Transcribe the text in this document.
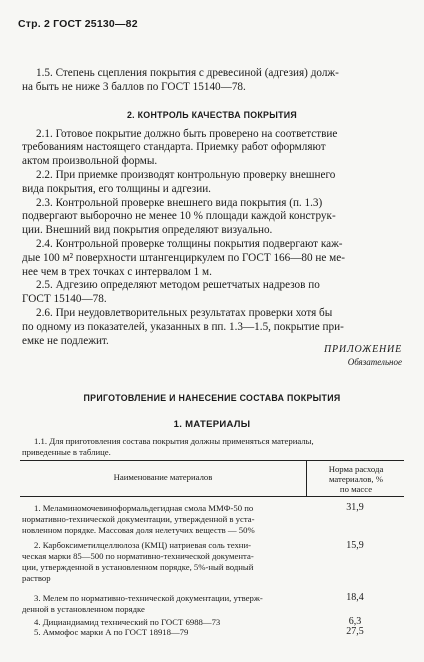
Стр. 2 ГОСТ 25130—82
1.5. Степень сцепления покрытия с древесиной (адгезия) долж-
на быть не ниже 3 баллов по ГОСТ 15140—78.
2. КОНТРОЛЬ КАЧЕСТВА ПОКРЫТИЯ
2.1. Готовое покрытие должно быть проверено на соответствие
требованиям настоящего стандарта. Приемку работ оформляют
актом произвольной формы.
2.2. При приемке производят контрольную проверку внешнего
вида покрытия, его толщины и адгезии.
2.3. Контрольной проверке внешнего вида покрытия (п. 1.3)
подвергают выборочно не менее 10 % площади каждой конструк-
ции. Внешний вид покрытия определяют визуально.
2.4. Контрольной проверке толщины покрытия подвергают каж-
дые 100 м² поверхности штангенциркулем по ГОСТ 166—80 не ме-
нее чем в трех точках с интервалом 1 м.
2.5. Адгезию определяют методом решетчатых надрезов по
ГОСТ 15140—78.
2.6. При неудовлетворительных результатах проверки хотя бы
по одному из показателей, указанных в пп. 1.3—1.5, покрытие при-
емке не подлежит.
ПРИЛОЖЕНИЕ
Обязательное
ПРИГОТОВЛЕНИЕ И НАНЕСЕНИЕ СОСТАВА ПОКРЫТИЯ
1. МАТЕРИАЛЫ
1.1. Для приготовления состава покрытия должны применяться материалы,
приведенные в таблице.
Наименование материалов
Норма расхода
материалов, %
по массе
1. Меламиномочевиноформальдегидная смола ММФ-50 по
нормативно-технической документации, утвержденной в уста-
новленном порядке. Массовая доля нелетучих веществ — 50%
31,9
2. Карбоксиметилцеллюлоза (КМЦ) натриевая соль техни-
ческая марки 85—500 по нормативно-технической документа-
ции, утвержденной в установленном порядке, 5%-ный водный
раствор
15,9
3. Мелем по нормативно-технической документации, утверж-
денной в установленном порядке
18,4
4. Дициандиамид технический по ГОСТ 6988—73	6,3
5. Аммофос марки А по ГОСТ 18918—79	27,5
